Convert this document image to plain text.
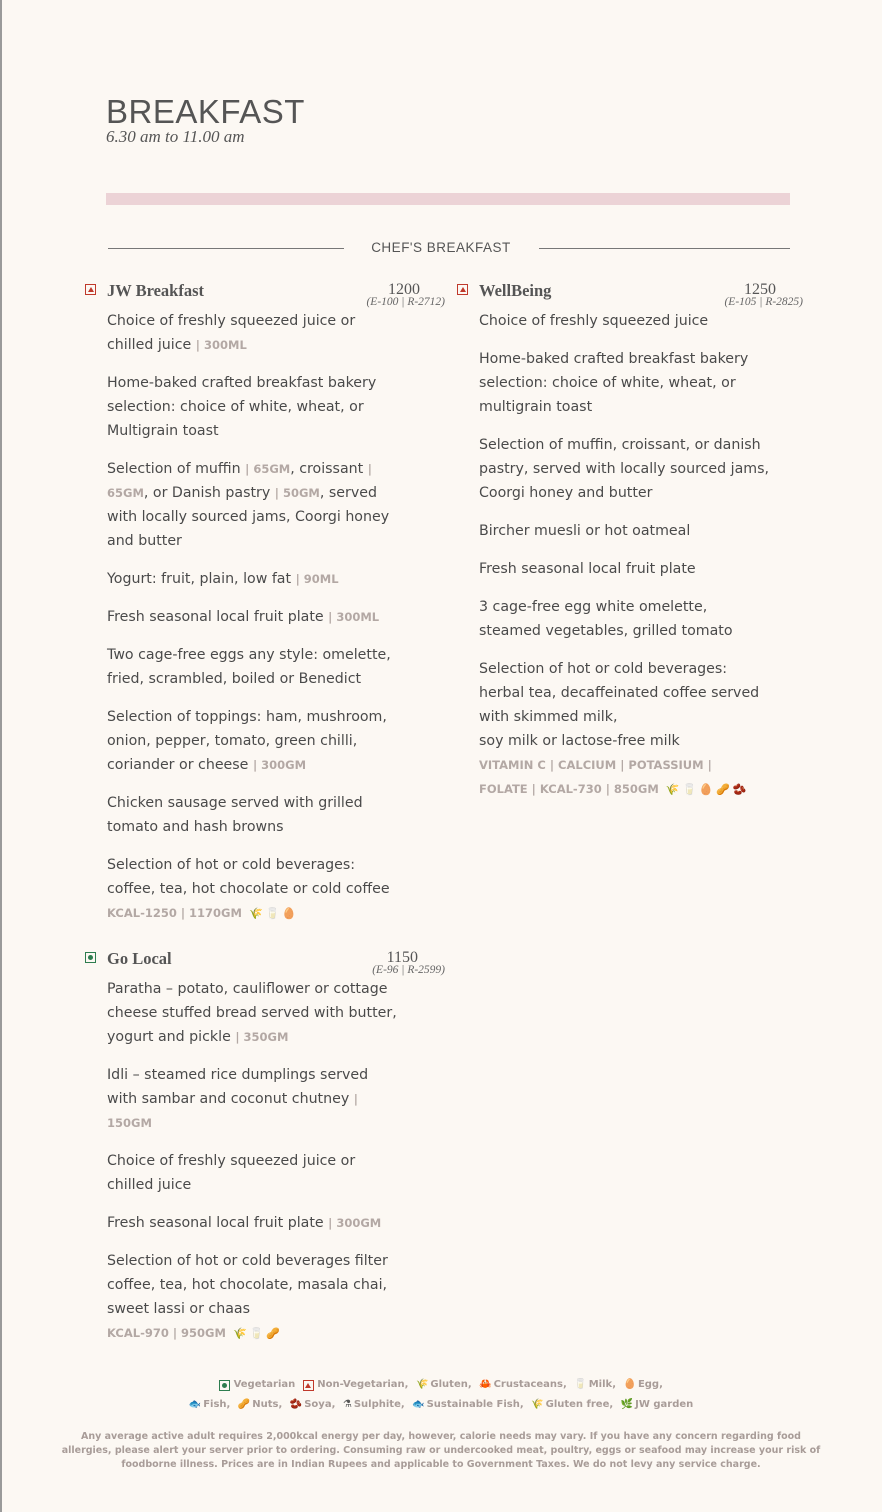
BREAKFAST
6.30 am to 11.00 am
CHEF'S BREAKFAST
JW Breakfast	1200
(E-100 | R-2712)
Choice of freshly squeezed juice or chilled juice | 300ML
Home-baked crafted breakfast bakery selection: choice of white, wheat, or Multigrain toast
Selection of muffin | 65GM, croissant | 65GM, or Danish pastry | 50GM, served with locally sourced jams, Coorgi honey and butter
Yogurt: fruit, plain, low fat | 90ML
Fresh seasonal local fruit plate | 300ML
Two cage-free eggs any style: omelette, fried, scrambled, boiled or Benedict
Selection of toppings: ham, mushroom, onion, pepper, tomato, green chilli, coriander or cheese | 300GM
Chicken sausage served with grilled tomato and hash browns
Selection of hot or cold beverages: coffee, tea, hot chocolate or cold coffee
KCAL-1250 | 1170GM 🌾 🥛 🥚
WellBeing	1250
(E-105 | R-2825)
Choice of freshly squeezed juice
Home-baked crafted breakfast bakery selection: choice of white, wheat, or multigrain toast
Selection of muffin, croissant, or danish pastry, served with locally sourced jams, Coorgi honey and butter
Bircher muesli or hot oatmeal
Fresh seasonal local fruit plate
3 cage-free egg white omelette, steamed vegetables, grilled tomato
Selection of hot or cold beverages: herbal tea, decaffeinated coffee served with skimmed milk,
soy milk or lactose-free milk
VITAMIN C | CALCIUM | POTASSIUM |
FOLATE | KCAL-730 | 850GM 🌾 🥛 🥚 🥜 🫘
Go Local	1150
(E-96 | R-2599)
Paratha – potato, cauliflower or cottage cheese stuffed bread served with butter, yogurt and pickle | 350GM
Idli – steamed rice dumplings served with sambar and coconut chutney | 150GM
Choice of freshly squeezed juice or chilled juice
Fresh seasonal local fruit plate | 300GM
Selection of hot or cold beverages filter coffee, tea, hot chocolate, masala chai, sweet lassi or chaas
KCAL-970 | 950GM 🌾 🥛 🥜
Vegetarian Non-Vegetarian, 🌾 Gluten, 🦀 Crustaceans, 🥛 Milk, 🥚 Egg,
🐟 Fish, 🥜 Nuts, 🫘 Soya, ⚗ Sulphite, 🐟 Sustainable Fish, 🌾 Gluten free, 🌿 JW garden
Any average active adult requires 2,000kcal energy per day, however, calorie needs may vary. If you have any concern regarding food allergies, please alert your server prior to ordering. Consuming raw or undercooked meat, poultry, eggs or seafood may increase your risk of foodborne illness. Prices are in Indian Rupees and applicable to Government Taxes. We do not levy any service charge.
